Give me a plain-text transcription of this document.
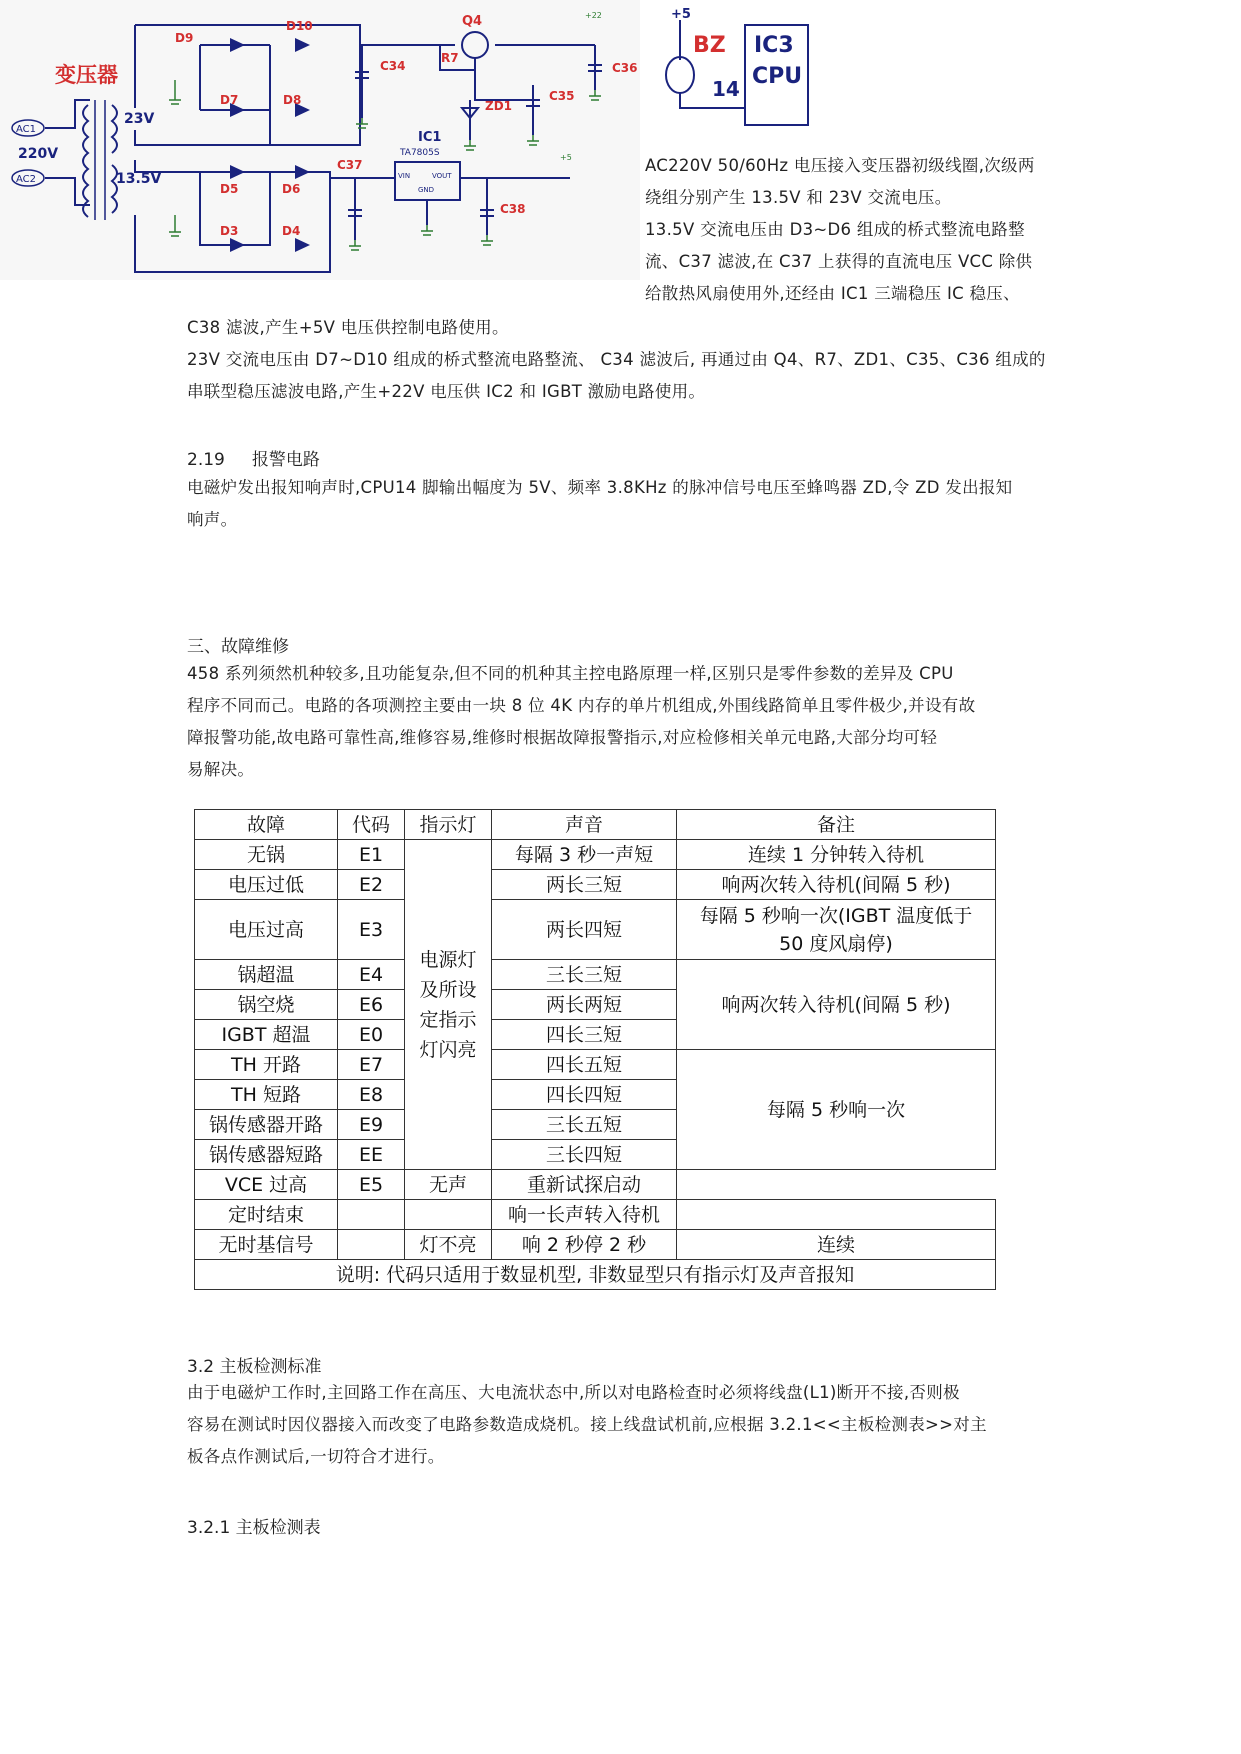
变压器
AC1
AC2
220V
23V
13.5V
D9
D10
D7	D8
D5	D6
D3	D4
Q4
R7
ZD1
C34
C35
C36
C37
C38
IC1
TA7805S
VIN	VOUT
GND
+22
+5
+5
BZ IC3
CPU
14
AC220V 50/60Hz 电压接入变压器初级线圈,次级两
绕组分别产生 13.5V 和 23V 交流电压。
13.5V 交流电压由 D3~D6 组成的桥式整流电路整
流、C37 滤波,在 C37 上获得的直流电压 VCC 除供
给散热风扇使用外,还经由 IC1 三端稳压 IC 稳压、
C38 滤波,产生+5V 电压供控制电路使用。
23V 交流电压由 D7~D10 组成的桥式整流电路整流、 C34 滤波后, 再通过由 Q4、R7、ZD1、C35、C36 组成的
串联型稳压滤波电路,产生+22V 电压供 IC2 和 IGBT 激励电路使用。
2.19     报警电路
电磁炉发出报知响声时,CPU14 脚输出幅度为 5V、频率 3.8KHz 的脉冲信号电压至蜂鸣器 ZD,令 ZD 发出报知
响声。
三、故障维修
458 系列须然机种较多,且功能复杂,但不同的机种其主控电路原理一样,区别只是零件参数的差异及 CPU
程序不同而己。电路的各项测控主要由一块 8 位 4K 内存的单片机组成,外围线路简单且零件极少,并设有故
障报警功能,故电路可靠性高,维修容易,维修时根据故障报警指示,对应检修相关单元电路,大部分均可轻
易解决。
故障	代码	指示灯	声音	备注
无锅	E1	电源灯及所设定指示灯闪亮	每隔 3 秒一声短	连续 1 分钟转入待机
电压过低	E2		两长三短	响两次转入待机(间隔 5 秒)
电压过高	E3		两长四短	每隔 5 秒响一次(IGBT 温度低于 50 度风扇停)
锅超温	E4		三长三短	响两次转入待机(间隔 5 秒)
锅空烧	E6		两长两短	
IGBT 超温	E0		四长三短	
TH 开路	E7		四长五短	每隔 5 秒响一次
TH 短路	E8		四长四短	
锅传感器开路	E9		三长五短	
锅传感器短路	EE		三长四短	
VCE 过高	E5	无声	重新试探启动	
定时结束			响一长声转入待机	
无时基信号		灯不亮	响 2 秒停 2 秒	连续
说明: 代码只适用于数显机型, 非数显型只有指示灯及声音报知				
3.2 主板检测标准
由于电磁炉工作时,主回路工作在高压、大电流状态中,所以对电路检查时必须将线盘(L1)断开不接,否则极
容易在测试时因仪器接入而改变了电路参数造成烧机。接上线盘试机前,应根据 3.2.1<<主板检测表>>对主
板各点作测试后,一切符合才进行。
3.2.1 主板检测表
